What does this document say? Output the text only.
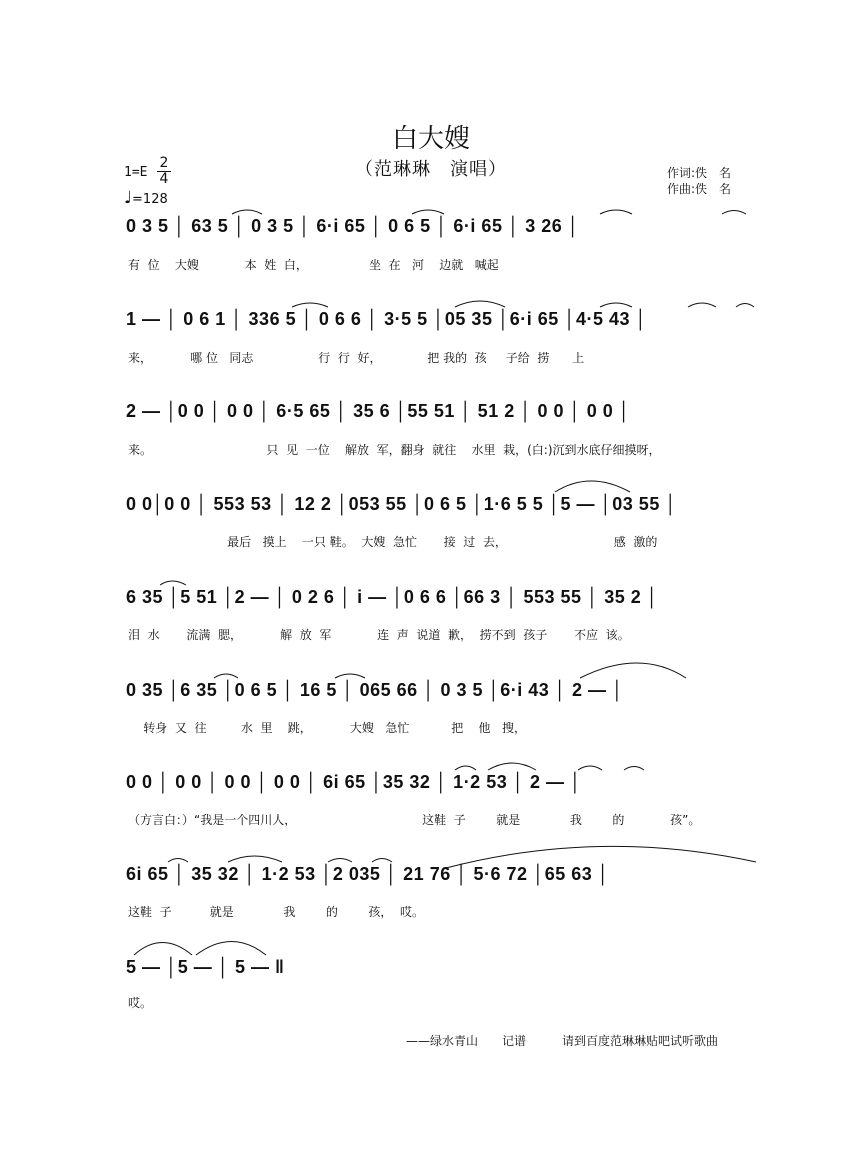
白大嫂
（范琳琳　演唱）	作词:佚　名
作曲:佚　名
1=E
2
4
♩=128
0 3 5 │ 63 5 │ 0 3 5 │ 6·i 65 │ 0 6 5 │ 6·i 65 │ 3 26 │
有  位    大嫂            本  姓  白，                坐  在   河    边就   喊起
1 — │ 0 6 1 │ 336 5 │ 0 6 6 │ 3·5 5 │05 35 │6·i 65 │4·5 43 │
来，          哪 位   同志                 行  行  好，            把 我的  孩     子给  捞      上
2 — │0 0 │ 0 0 │ 6·5 65 │ 35 6 │55 51 │ 51 2 │ 0 0 │ 0 0 │
来。                              只  见  一位    解放  军，翻身  就往    水里  栽，(白:)沉到水底仔细摸呀，
0 0│0 0 │ 553 53 │ 12 2 │053 55 │0 6 5 │1·6 5 5 │5 — │03 55 │
最后   摸上    一只 鞋。  大嫂  急忙       接  过  去，                            感  激的
6 35 │5 51 │2 — │ 0 2 6 │ i — │0 6 6 │66 3 │ 553 55 │ 35 2 │
泪  水       流满  腮，          解  放  军            连  声  说道  歉，  捞不到  孩子       不应  该。
0 35 │6 35 │0 6 5 │ 16 5 │ 065 66 │ 0 3 5 │6·i 43 │ 2 — │
转身  又  往         水  里    跳，          大嫂   急忙           把    他   搜，
0 0 │ 0 0 │ 0 0 │ 0 0 │ 6i 65 │35 32 │ 1·2 53 │ 2 — │
（方言白：）“我是一个四川人，                                 这鞋  子        就是             我        的            孩”。
6i 65 │ 35 32 │ 1·2 53 │2 035 │ 21 76 │ 5·6 72 │65 63 │
这鞋  子          就是             我        的        孩，  哎。
5 — │5 — │ 5 — ‖
哎。
——绿水青山　　记谱　　　请到百度范琳琳贴吧试听歌曲
